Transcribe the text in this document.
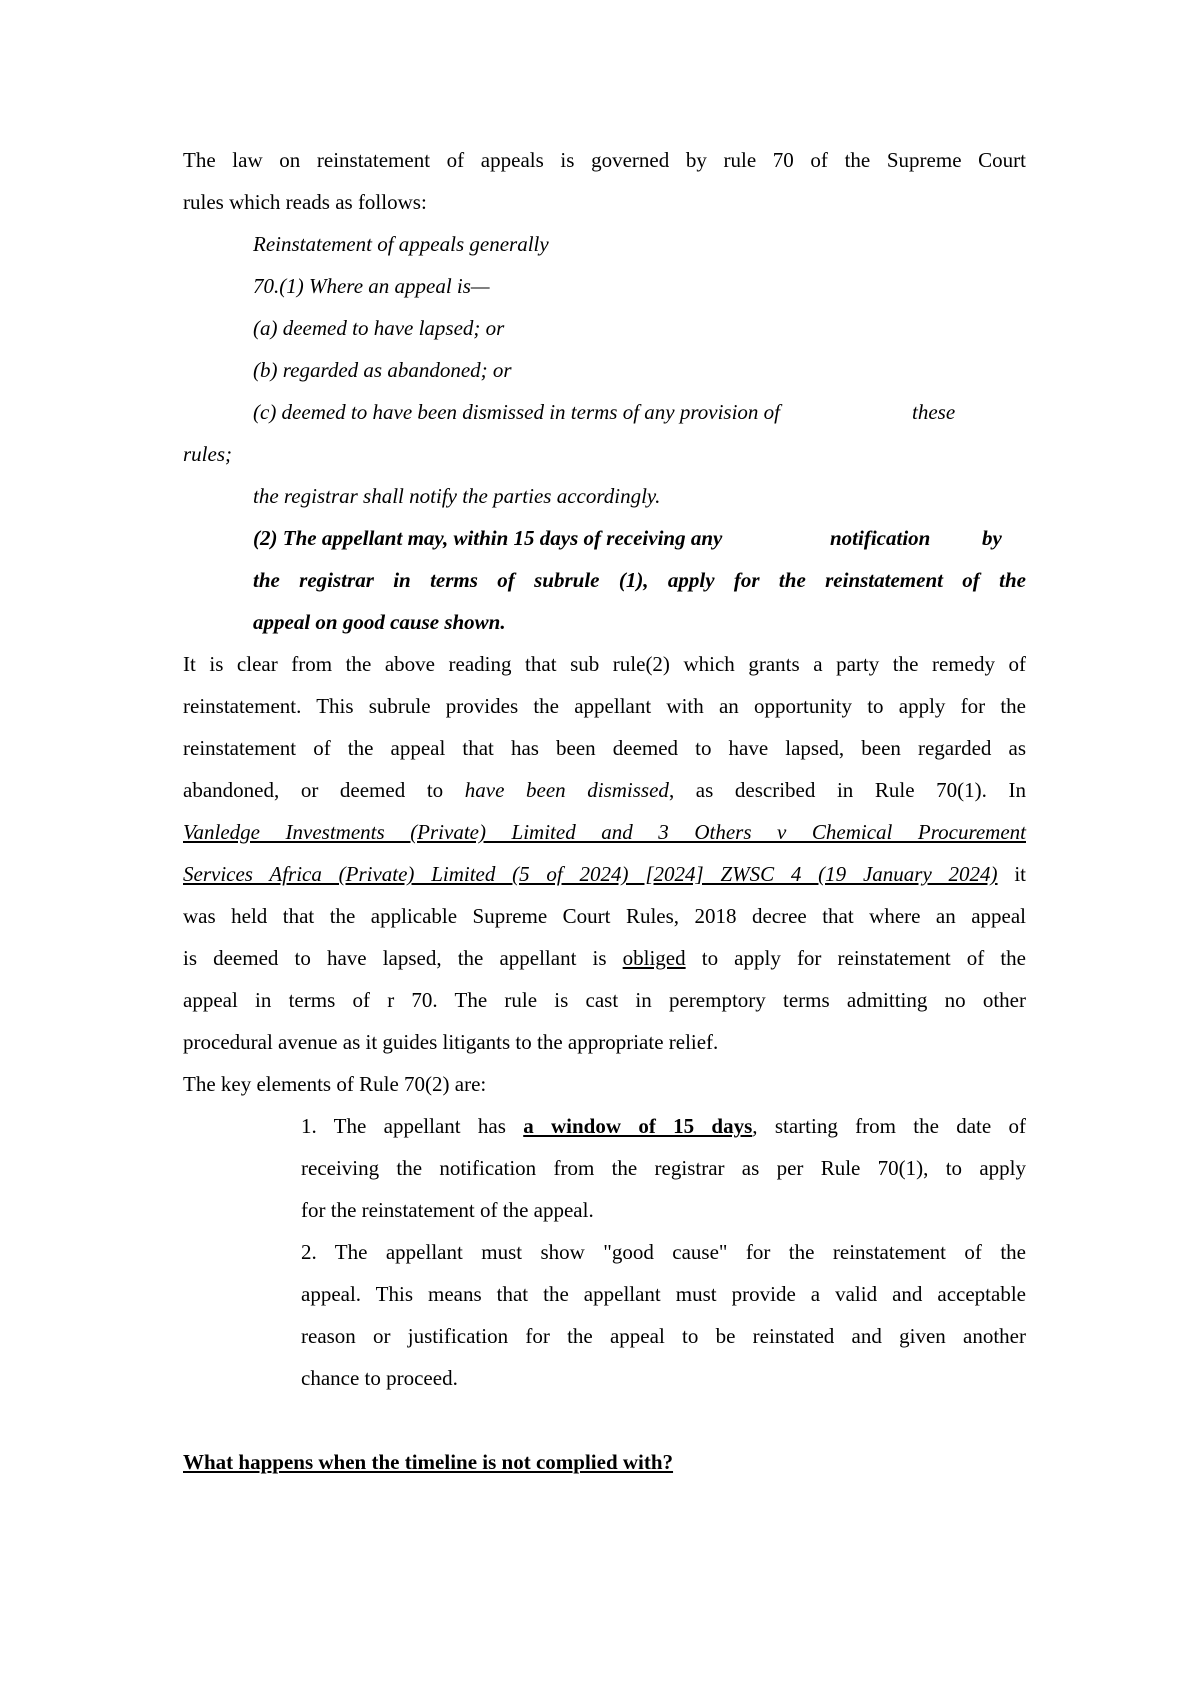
The law on reinstatement of appeals is governed by rule 70 of the Supreme Court
rules which reads as follows:
Reinstatement of appeals generally
70.(1) Where an appeal is—
(a) deemed to have lapsed; or
(b) regarded as abandoned; or
(c) deemed to have been dismissed in terms of any provision of	these
rules;
the registrar shall notify the parties accordingly.
(2) The appellant may, within 15 days of receiving any	notification by
the registrar in terms of subrule (1), apply for the reinstatement of the
appeal on good cause shown.
It is clear from the above reading that sub rule(2) which grants a party the remedy of
reinstatement. This subrule provides the appellant with an opportunity to apply for the
reinstatement of the appeal that has been deemed to have lapsed, been regarded as
abandoned, or deemed to have been dismissed, as described in Rule 70(1). In
Vanledge Investments (Private) Limited and 3 Others v Chemical Procurement
Services Africa (Private) Limited (5 of 2024) [2024] ZWSC 4 (19 January 2024) it
was held that the applicable Supreme Court Rules, 2018 decree that where an appeal
is deemed to have lapsed, the appellant is obliged to apply for reinstatement of the
appeal in terms of r 70. The rule is cast in peremptory terms admitting no other
procedural avenue as it guides litigants to the appropriate relief.
The key elements of Rule 70(2) are:
1. The appellant has a window of 15 days, starting from the date of
receiving the notification from the registrar as per Rule 70(1), to apply
for the reinstatement of the appeal.
2. The appellant must show "good cause" for the reinstatement of the
appeal. This means that the appellant must provide a valid and acceptable
reason or justification for the appeal to be reinstated and given another
chance to proceed.
What happens when the timeline is not complied with?
